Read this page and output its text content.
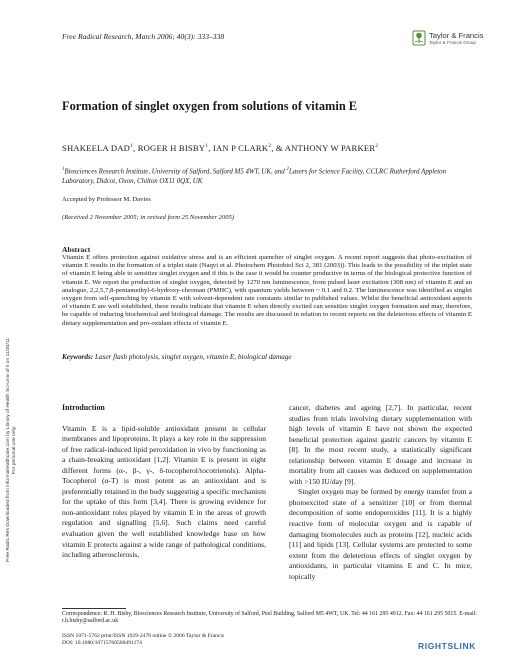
Free Radical Research, March 2006; 40(3): 333–338	Taylor & Francis
Taylor & Francis Group
Free Radic Res Downloaded from informahealthcare.com by Library of Health Sci-Univ of Il on 11/30/11 For personal use only.
Formation of singlet oxygen from solutions of vitamin E
SHAKEELA DAD$^1$, ROGER H BISBY$^1$, IAN P CLARK$^2$, & ANTHONY W PARKER$^2$
$^1$Biosciences Research Institute, University of Salford, Salford M5 4WT, UK, and $^2$Lasers for Science Facility, CCLRC Rutherford Appleton Laboratory, Didcot, Oxon, Chilton OX11 0QX, UK
Accepted by Professor M. Davies
(Received 2 November 2005; in revised form 25 November 2005)
Abstract
Vitamin E offers protection against oxidative stress and is an efficient quencher of singlet oxygen. A recent report suggests that photo-excitation of vitamin E results in the formation of a triplet state (Naqvi et al. Photochem Photobiol Sci 2, 381 (2003)). This leads to the possibility of the triplet state of vitamin E being able to sensitize singlet oxygen and if this is the case it would be counter productive in terms of the biological protective function of vitamin E. We report the production of singlet oxygen, detected by 1270 nm luminescence, from pulsed laser excitation (308 nm) of vitamin E and an analogue, 2,2,5,7,8-pentamethyl-6-hydroxy-chroman (PMHC), with quantum yields between ~ 0.1 and 0.2. The luminescence was identified as singlet oxygen from self-quenching by vitamin E with solvent-dependent rate constants similar to published values. Whilst the beneficial antioxidant aspects of vitamin E are well established, these results indicate that vitamin E when directly excited can sensitize singlet oxygen formation and may, therefore, be capable of inducing biochemical and biological damage. The results are discussed in relation to recent reports on the deleterious effects of vitamin E dietary supplementation and pro-oxidant effects of vitamin E.
Keywords: Laser flash photolysis, singlet oxygen, vitamin E, biological damage

Introduction

Vitamin E is a lipid-soluble antioxidant present in cellular membranes and lipoproteins. It plays a key role in the suppression of free radical-induced lipid peroxidation in vivo by functioning as a chain-breaking antioxidant [1,2]. Vitamin E is present in eight different forms (α-, β-, γ-, δ-tocopherol/tocotrienols). Alpha-Tocopherol (α-T) is most potent as an antioxidant and is preferentially retained in the body suggesting a specific mechanism for the uptake of this form [3,4]. There is growing evidence for non-antioxidant roles played by vitamin E in the areas of growth regulation and signalling [5,6]. Such claims need careful evaluation given the well established knowledge base on how vitamin E protects against a wide range of pathological conditions, including atherosclerosis,

cancer, diabetes and ageing [2,7]. In particular, recent studies from trials involving dietary supplementation with high levels of vitamin E have not shown the expected beneficial protection against gastric cancers by vitamin E [8]. In the most recent study, a statistically significant relationship between vitamin E dosage and increase in mortality from all causes was deduced on supplementation with >150 IU/day [9].

Singlet oxygen may be formed by energy transfer from a photoexcited state of a sensitizer [10] or from thermal decomposition of some endoperoxides [11]. It is a highly reactive form of molecular oxygen and is capable of damaging biomolecules such as proteins [12], nucleic acids [11] and lipids [13]. Cellular systems are protected to some extent from the deleterious effects of singlet oxygen by antioxidants, in particular vitamins E and C. In mice, topically

Correspondence: R. H. Bisby, Biosciences Research Institute, University of Salford, Peel Building, Salford M5 4WT, UK. Tel: 44 161 295 4912. Fax: 44 161 295 5015. E-mail: r.h.bisby@salford.ac.uk
ISSN 1071-5762 print/ISSN 1029-2470 online © 2006 Taylor & Francis
DOI: 10.1080/10715760500491174	RIGHTSLINK
